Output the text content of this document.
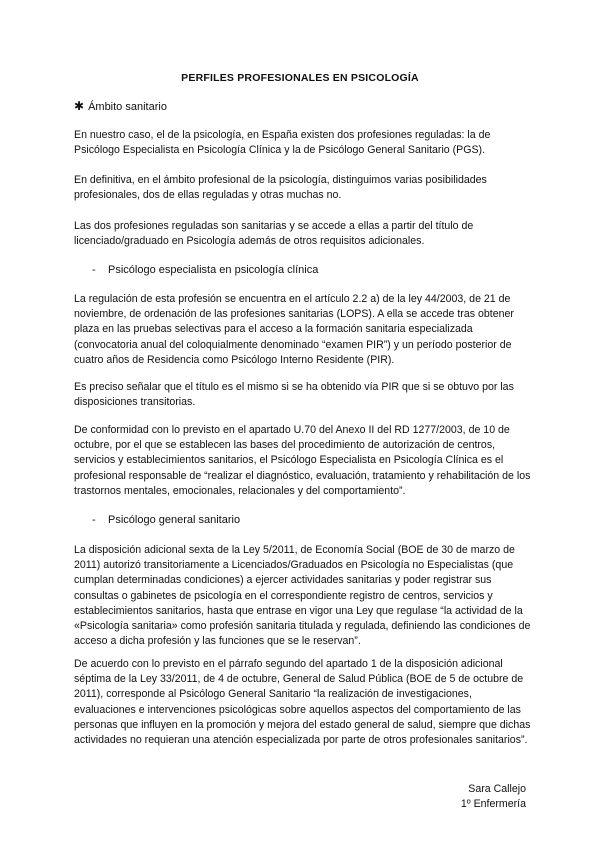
PERFILES PROFESIONALES EN PSICOLOGÍA
✱ Ámbito sanitario

En nuestro caso, el de la psicología, en España existen dos profesiones reguladas: la de Psicólogo Especialista en Psicología Clínica y la de Psicólogo General Sanitario (PGS).

En definitiva, en el ámbito profesional de la psicología, distinguimos varias posibilidades profesionales, dos de ellas reguladas y otras muchas no.

Las dos profesiones reguladas son sanitarias y se accede a ellas a partir del título de licenciado/graduado en Psicología además de otros requisitos adicionales.

- Psicólogo especialista en psicología clínica

La regulación de esta profesión se encuentra en el artículo 2.2 a) de la ley 44/2003, de 21 de noviembre, de ordenación de las profesiones sanitarias (LOPS). A ella se accede tras obtener plaza en las pruebas selectivas para el acceso a la formación sanitaria especializada (convocatoria anual del coloquialmente denominado “examen PIR”) y un período posterior de cuatro años de Residencia como Psicólogo Interno Residente (PIR).

Es preciso señalar que el título es el mismo si se ha obtenido vía PIR que si se obtuvo por las disposiciones transitorias.

De conformidad con lo previsto en el apartado U.70 del Anexo II del RD 1277/2003, de 10 de octubre, por el que se establecen las bases del procedimiento de autorización de centros, servicios y establecimientos sanitarios, el Psicólogo Especialista en Psicología Clínica es el profesional responsable de “realizar el diagnóstico, evaluación, tratamiento y rehabilitación de los trastornos mentales, emocionales, relacionales y del comportamiento”.

- Psicólogo general sanitario

La disposición adicional sexta de la Ley 5/2011, de Economía Social (BOE de 30 de marzo de 2011) autorizó transitoriamente a Licenciados/Graduados en Psicología no Especialistas (que cumplan determinadas condiciones) a ejercer actividades sanitarias y poder registrar sus consultas o gabinetes de psicología en el correspondiente registro de centros, servicios y establecimientos sanitarios, hasta que entrase en vigor una Ley que regulase “la actividad de la «Psicología sanitaria» como profesión sanitaria titulada y regulada, definiendo las condiciones de acceso a dicha profesión y las funciones que se le reservan”.

De acuerdo con lo previsto en el párrafo segundo del apartado 1 de la disposición adicional séptima de la Ley 33/2011, de 4 de octubre, General de Salud Pública (BOE de 5 de octubre de 2011), corresponde al Psicólogo General Sanitario “la realización de investigaciones, evaluaciones e intervenciones psicológicas sobre aquellos aspectos del comportamiento de las personas que influyen en la promoción y mejora del estado general de salud, siempre que dichas actividades no requieran una atención especializada por parte de otros profesionales sanitarios”.

Sara Callejo
1º Enfermería
